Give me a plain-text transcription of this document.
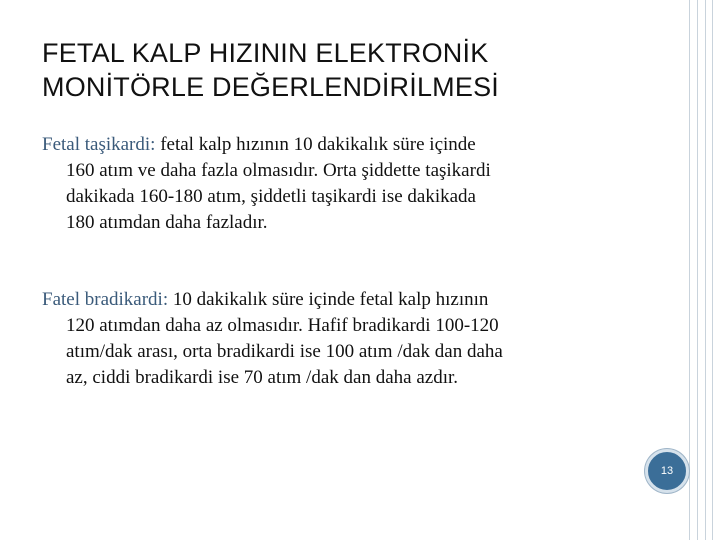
FETAL KALP HIZININ ELEKTRONİK
MONİTÖRLE DEĞERLENDİRİLMESİ
Fetal taşikardi: fetal kalp hızının 10 dakikalık süre içinde
160 atım ve daha fazla olmasıdır. Orta şiddette taşikardi
dakikada 160-180 atım, şiddetli taşikardi ise dakikada
180 atımdan daha fazladır.
Fatel bradikardi: 10 dakikalık süre içinde fetal kalp hızının
120 atımdan daha az olmasıdır. Hafif bradikardi 100-120
atım/dak arası, orta bradikardi ise 100 atım /dak dan daha
az, ciddi bradikardi ise 70 atım /dak dan daha azdır.
13
